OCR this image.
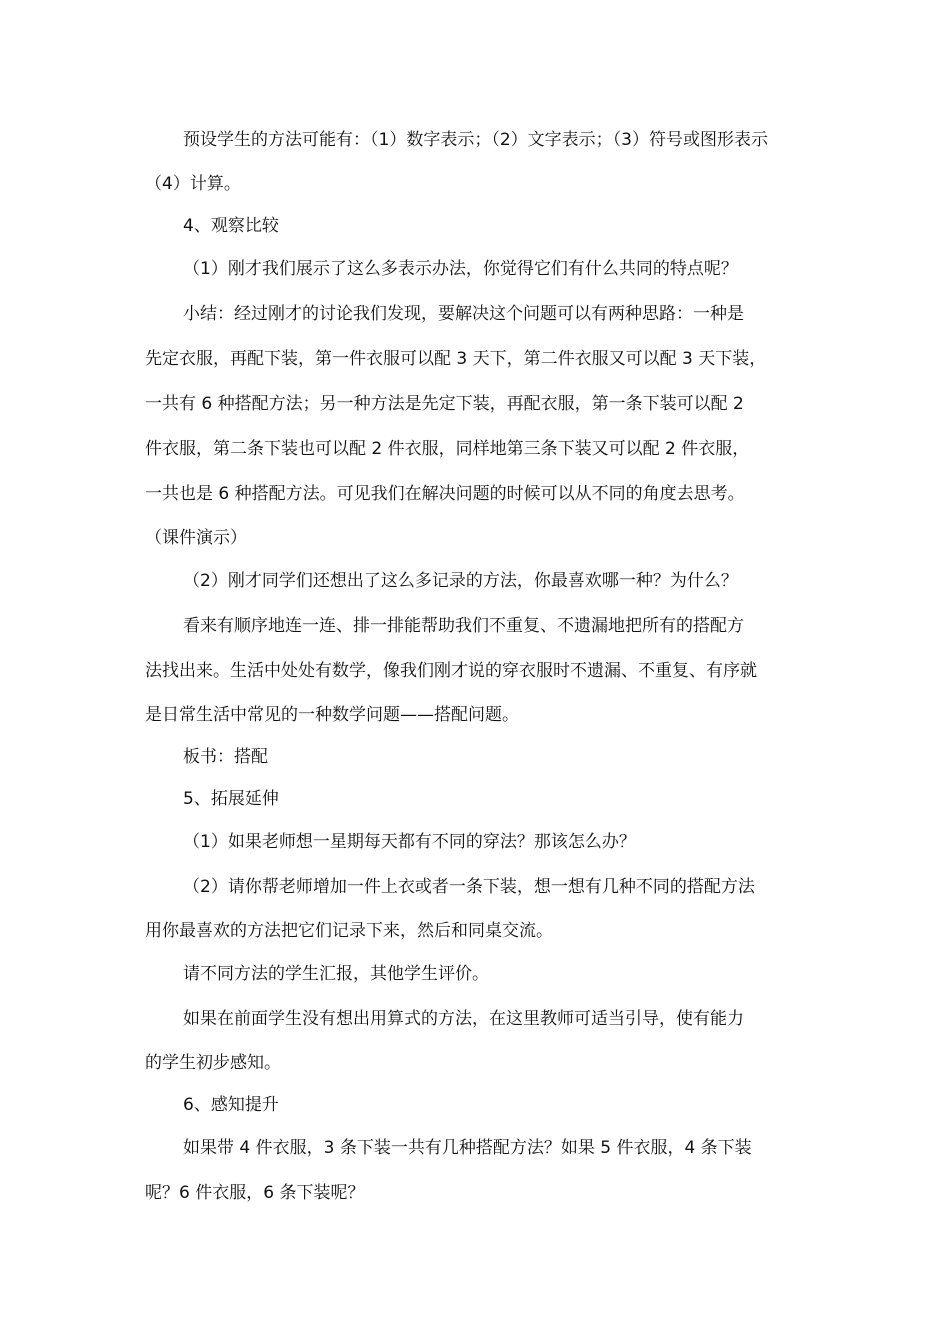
预设学生的方法可能有：（1）数字表示；（2）文字表示；（3）符号或图形表示

（4）计算。

4、观察比较

（1）刚才我们展示了这么多表示办法，你觉得它们有什么共同的特点呢？

小结：经过刚才的讨论我们发现，要解决这个问题可以有两种思路：一种是

先定衣服，再配下装，第一件衣服可以配 3 天下，第二件衣服又可以配 3 天下装，

一共有 6 种搭配方法；另一种方法是先定下装，再配衣服，第一条下装可以配 2

件衣服，第二条下装也可以配 2 件衣服，同样地第三条下装又可以配 2 件衣服，

一共也是 6 种搭配方法。可见我们在解决问题的时候可以从不同的角度去思考。

（课件演示）

（2）刚才同学们还想出了这么多记录的方法，你最喜欢哪一种？为什么？

看来有顺序地连一连、排一排能帮助我们不重复、不遗漏地把所有的搭配方

法找出来。生活中处处有数学，像我们刚才说的穿衣服时不遗漏、不重复、有序就

是日常生活中常见的一种数学问题——搭配问题。

板书：搭配

5、拓展延伸

（1）如果老师想一星期每天都有不同的穿法？那该怎么办？

（2）请你帮老师增加一件上衣或者一条下装，想一想有几种不同的搭配方法

用你最喜欢的方法把它们记录下来，然后和同桌交流。

请不同方法的学生汇报，其他学生评价。

如果在前面学生没有想出用算式的方法，在这里教师可适当引导，使有能力

的学生初步感知。

6、感知提升

如果带 4 件衣服，3 条下装一共有几种搭配方法？如果 5 件衣服，4 条下装

呢？6 件衣服，6 条下装呢？
